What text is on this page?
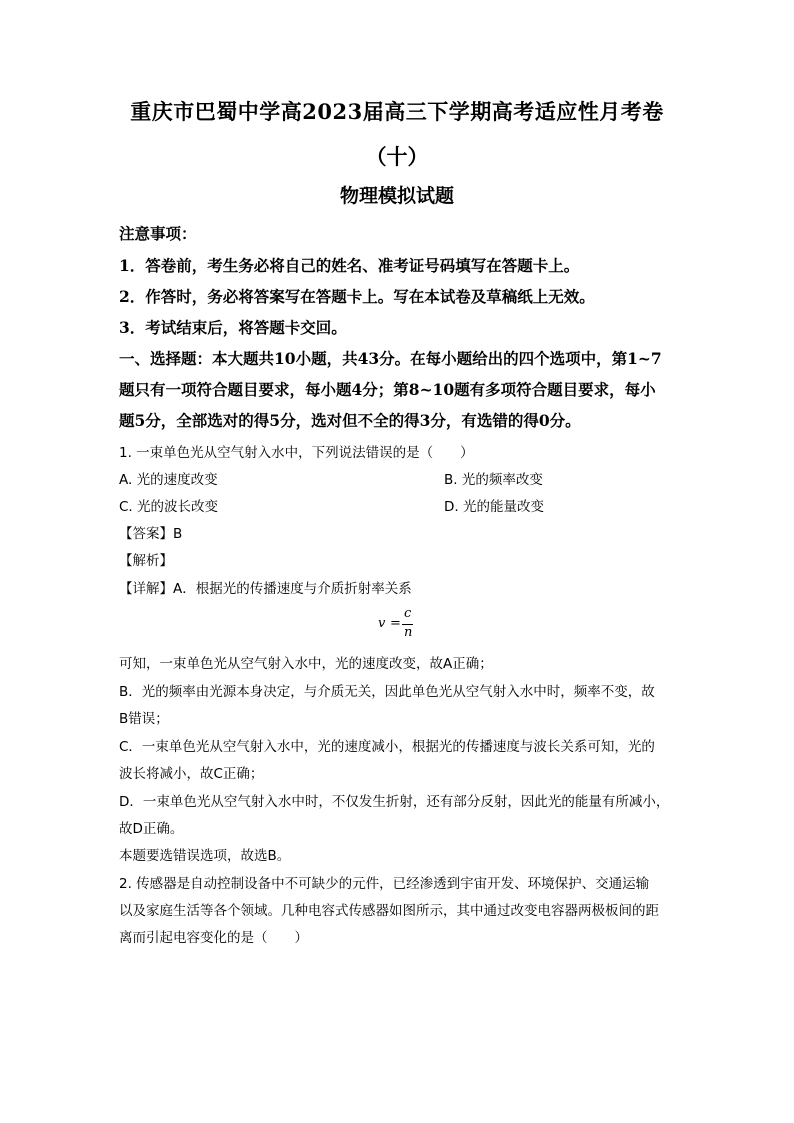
重庆市巴蜀中学高2023届高三下学期高考适应性月考卷
（十）
物理模拟试题
注意事项：
1．答卷前，考生务必将自己的姓名、准考证号码填写在答题卡上。
2．作答时，务必将答案写在答题卡上。写在本试卷及草稿纸上无效。
3．考试结束后，将答题卡交回。
一、选择题：本大题共10小题，共43分。在每小题给出的四个选项中，第1~7
题只有一项符合题目要求，每小题4分；第8~10题有多项符合题目要求，每小
题5分，全部选对的得5分，选对但不全的得3分，有选错的得0分。
1. 一束单色光从空气射入水中，下列说法错误的是（　　）
A. 光的速度改变	B. 光的频率改变
C. 光的波长改变	D. 光的能量改变
【答案】B
【解析】
【详解】A．根据光的传播速度与介质折射率关系
v =
c
n
可知，一束单色光从空气射入水中，光的速度改变，故A正确；
B．光的频率由光源本身决定，与介质无关，因此单色光从空气射入水中时，频率不变，故
B错误；
C．一束单色光从空气射入水中，光的速度减小，根据光的传播速度与波长关系可知，光的
波长将减小，故C正确；
D．一束单色光从空气射入水中时，不仅发生折射，还有部分反射，因此光的能量有所减小，
故D正确。
本题要选错误选项，故选B。
2. 传感器是自动控制设备中不可缺少的元件，已经渗透到宇宙开发、环境保护、交通运输
以及家庭生活等各个领域。几种电容式传感器如图所示，其中通过改变电容器两极板间的距
离而引起电容变化的是（　　）
